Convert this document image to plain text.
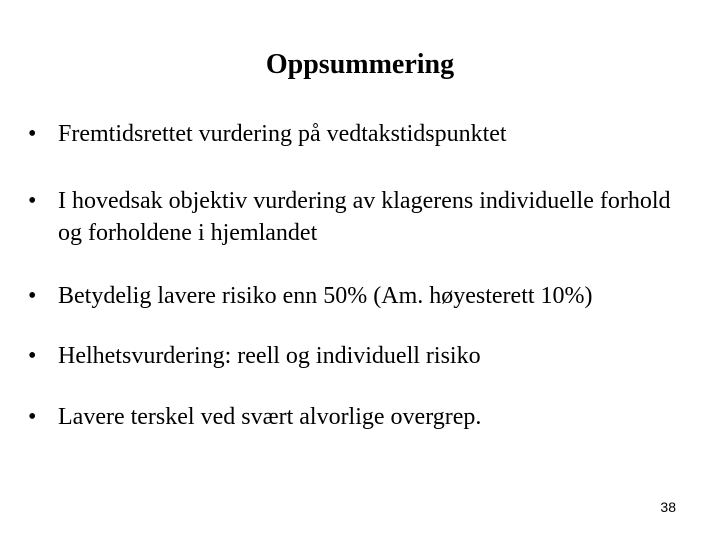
Oppsummering
• Fremtidsrettet vurdering på vedtakstidspunktet
• I hovedsak objektiv vurdering av klagerens individuelle forhold og forholdene i hjemlandet
• Betydelig lavere risiko enn 50% (Am. høyesterett 10%)
• Helhetsvurdering: reell og individuell risiko
• Lavere terskel ved svært alvorlige overgrep.
38
